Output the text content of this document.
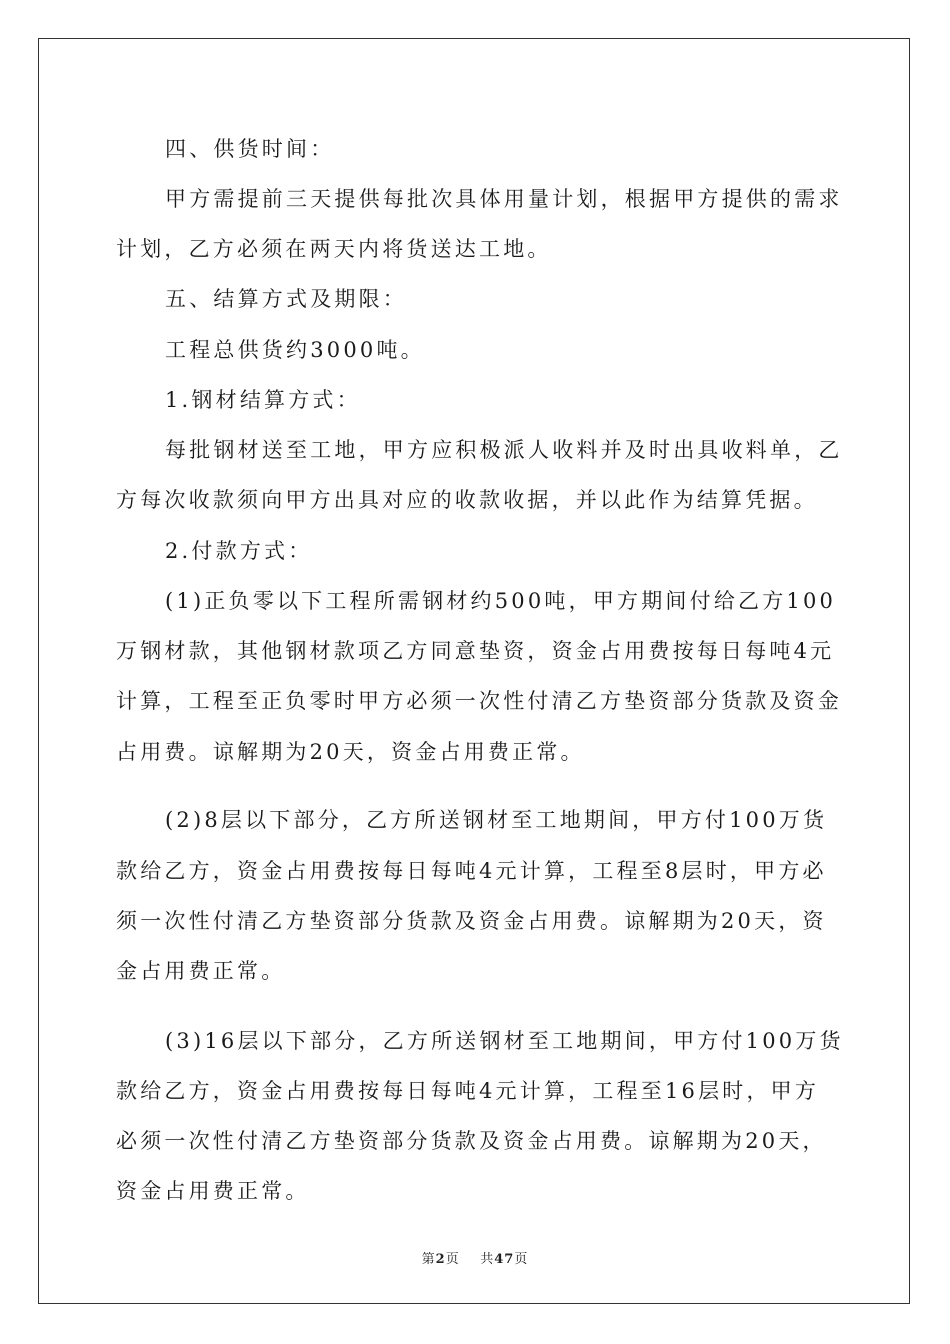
四、供货时间：
甲方需提前三天提供每批次具体用量计划，根据甲方提供的需求
计划，乙方必须在两天内将货送达工地。
五、结算方式及期限：
工程总供货约3000吨。
1.钢材结算方式：
每批钢材送至工地，甲方应积极派人收料并及时出具收料单，乙
方每次收款须向甲方出具对应的收款收据，并以此作为结算凭据。
2.付款方式：
(1)正负零以下工程所需钢材约500吨，甲方期间付给乙方100
万钢材款，其他钢材款项乙方同意垫资，资金占用费按每日每吨4元
计算，工程至正负零时甲方必须一次性付清乙方垫资部分货款及资金
占用费。谅解期为20天，资金占用费正常。
(2)8层以下部分，乙方所送钢材至工地期间，甲方付100万货
款给乙方，资金占用费按每日每吨4元计算，工程至8层时，甲方必
须一次性付清乙方垫资部分货款及资金占用费。谅解期为20天，资
金占用费正常。
(3)16层以下部分，乙方所送钢材至工地期间，甲方付100万货
款给乙方，资金占用费按每日每吨4元计算，工程至16层时，甲方
必须一次性付清乙方垫资部分货款及资金占用费。谅解期为20天，
资金占用费正常。
第2页 共47页
